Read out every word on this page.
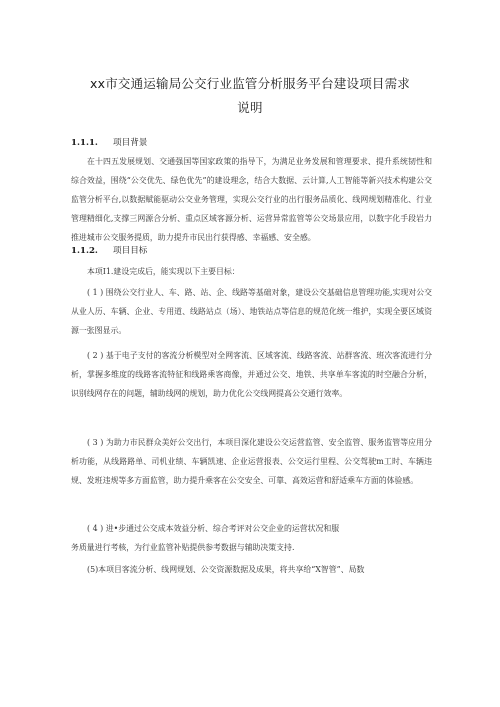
xx市交通运输局公交行业监管分析服务平台建设项目需求
说明
1.1.1. 项目背景
在十四五发展规划、交通强国等国家政策的指导下，为满足业务发展和管理要求、提升系统韧性和综合效益，围绕“公交优先、绿色优先”的建设理念，结合大数据、云计算,人工智能等新兴技术构建公交监管分析平台,以数据赋能驱动公交业务管理，实现公交行业的出行服务品质化、线网规划精准化、行业管理精细化,支撑三网源合分析、重点区域客源分析、运营异常监管等公交场景应用，以数字化手段岩力推进城市公交服务提质，助力提升市民出行获得感、幸福感、安全感。
1.1.2. 项目目标
本项I1.建设完成后，能实现以下主要目标：
( 1 ) 围绕公交行业人、车、路、站、企、线路等基础对象，建设公交基础信息管理功能,实现对公交从业人历、车辆、企业、专用道、线路站点（场）、地铁站点等信息的规范化统一维护，实现全要区域资源一张图显示。
( 2 ) 基于电子支付的客流分析模型对全网客流、区域客流、线路客流、站群客流、班次客流进行分析，掌握多维度的线路客流特征和线路乘客商像，并通过公交、地铁、共享单车客流的时空融合分析，识别线网存在的问题，辅助线网的规划，助力优化公交线网提高公交通行效率。
( 3 ) 为助力市民群众美好公交出行，本项目深化建设公交运营监管、安全监管、服务监管等应用分析功能，从线路路单、司机业绩、车辆凯速、企业运营报表、公交运行里程、公交驾驶m工时、车辆违规、发班违规等多方面监管，助力提升乘客在公交安全、可靠、高效运营和舒适乘车方面的体验感。
( 4 ) 进•步通过公交成本效益分析、综合考评对公交企业的运营状况和服
务质量进行考核，为行业监管补贴提供参考数据与辅助决策支持.
(5)本项目客流分析、线网规划、公交资源数据及成果，将共享给“X智管”、局数
